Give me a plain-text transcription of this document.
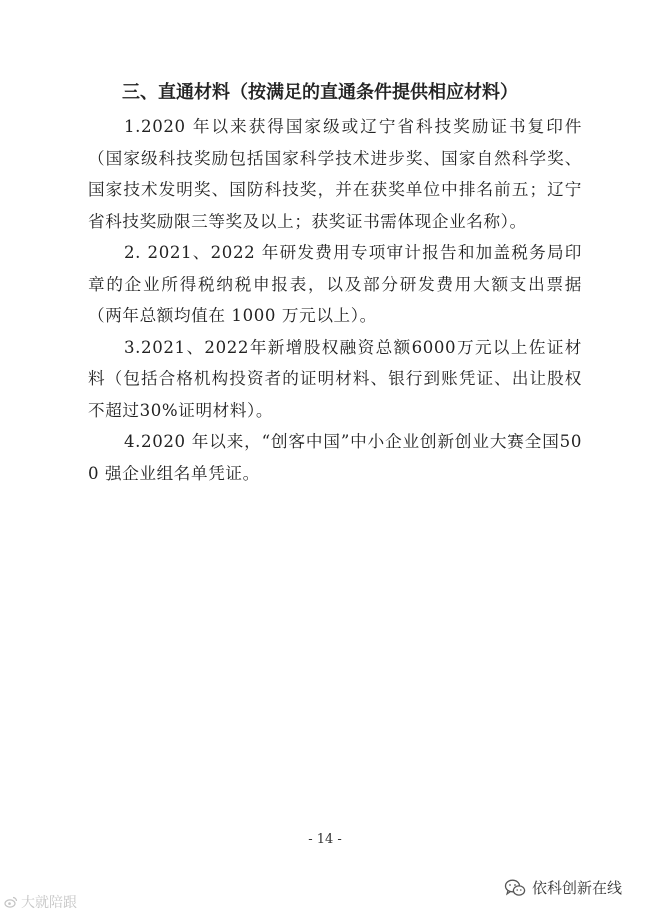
三、直通材料（按满足的直通条件提供相应材料）

1.2020 年以来获得国家级或辽宁省科技奖励证书复印件（国家级科技奖励包括国家科学技术进步奖、国家自然科学奖、国家技术发明奖、国防科技奖，并在获奖单位中排名前五；辽宁省科技奖励限三等奖及以上；获奖证书需体现企业名称）。

2. 2021、2022 年研发费用专项审计报告和加盖税务局印章的企业所得税纳税申报表，以及部分研发费用大额支出票据（两年总额均值在 1000 万元以上）。

3.2021、2022年新增股权融资总额6000万元以上佐证材料（包括合格机构投资者的证明材料、银行到账凭证、出让股权不超过30%证明材料）。

4.2020 年以来，“创客中国”中小企业创新创业大赛全国500 强企业组名单凭证。

- 14 -
大就陪跟
依科创新在线
